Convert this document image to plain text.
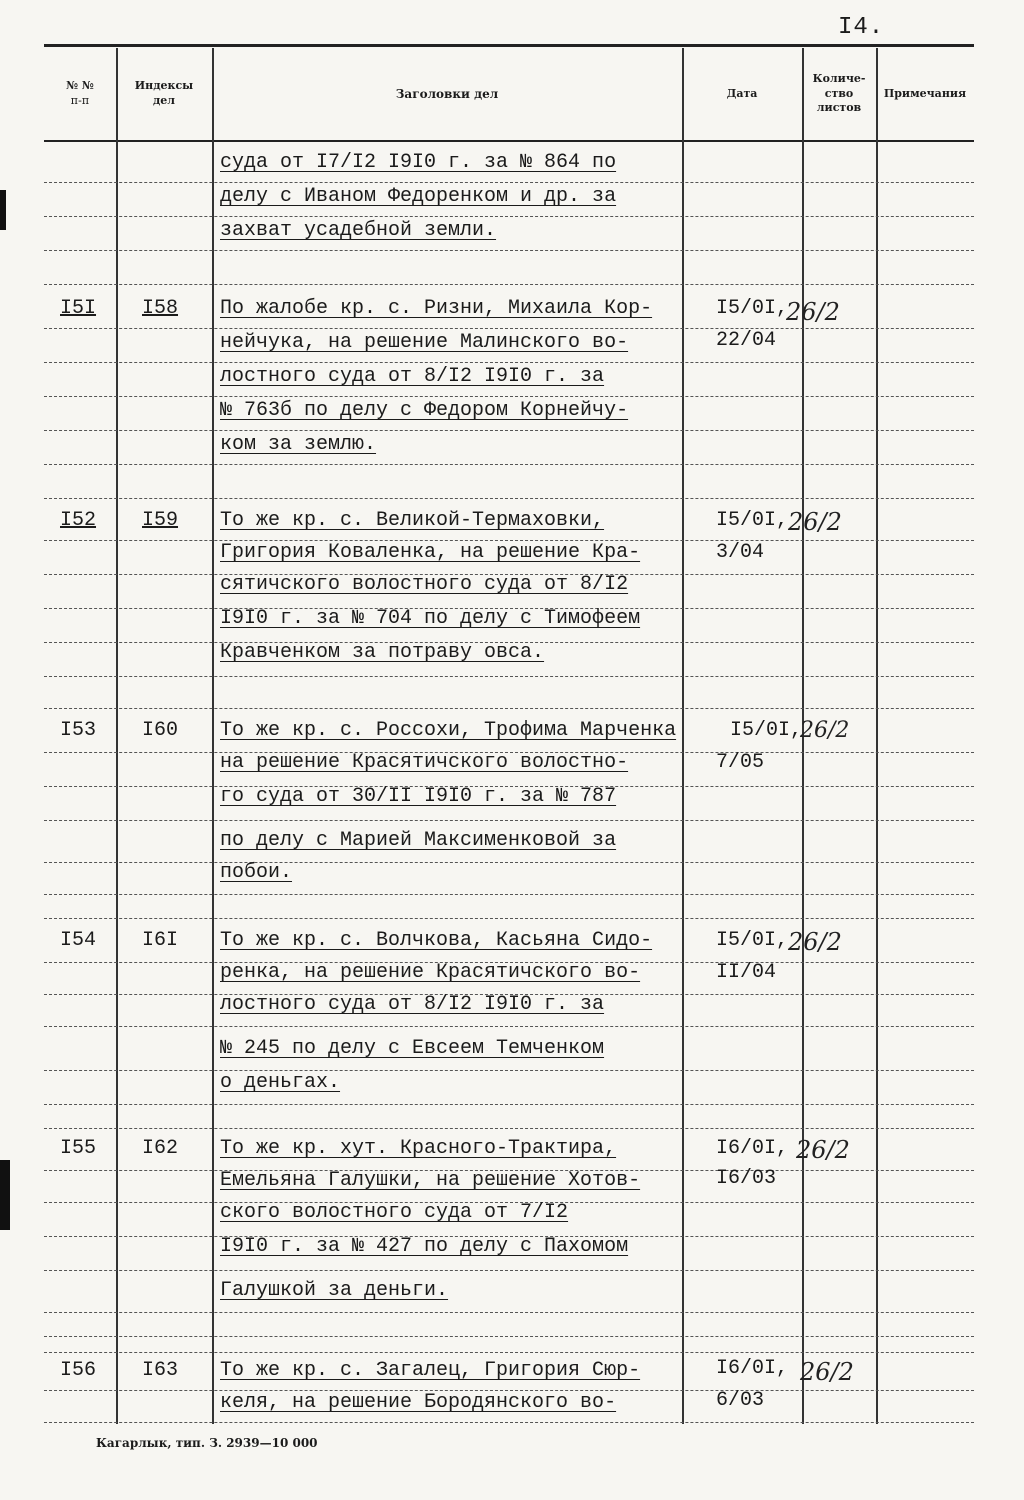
I4.
№ №
п-п
Индексы
дел	Заголовки дел	Дата
Количе-
ство
листов
Примечания
суда от I7/I2 I9I0 г. за № 864 по
делу с Иваном Федоренком и др. за
захват усадебной земли.
I5I I58 По жалобе кр. с. Ризни, Михаила Кор-
нейчука, на решение Малинского во-
лостного суда от 8/I2 I9I0 г. за
№ 763б по делу с Федором Корнейчу-
ком за землю.
I5/0I,
22/04
26/2
I52 I59 То же кр. с. Великой-Термаховки,
Григория Коваленка, на решение Кра-
сятичского волостного суда от 8/I2
I9I0 г. за № 704 по делу с Тимофеем
Кравченком за потраву овса.
I5/0I,
3/04
26/2
I53 I60 То же кр. с. Россохи, Трофима Марченка
на решение Красятичского волостно-
го суда от 30/II I9I0 г. за № 787
по делу с Марией Максименковой за
побои.
I5/0I,
7/05
26/2
I54 I6I То же кр. с. Волчкова, Касьяна Сидо-
ренка, на решение Красятичского во-
лостного суда от 8/I2 I9I0 г. за
№ 245 по делу с Евсеем Темченком
о деньгах.
I5/0I,
II/04
26/2
I55 I62 То же кр. хут. Красного-Трактира,
Емельяна Галушки, на решение Хотов-
ского волостного суда от 7/I2
I9I0 г. за № 427 по делу с Пахомом
Галушкой за деньги.
I6/0I,
I6/03
26/2
I56 I63 То же кр. с. Загалец, Григория Сюр-
келя, на решение Бородянского во-
I6/0I,
6/03
26/2
Кагарлык, тип. З. 2939—10 000
